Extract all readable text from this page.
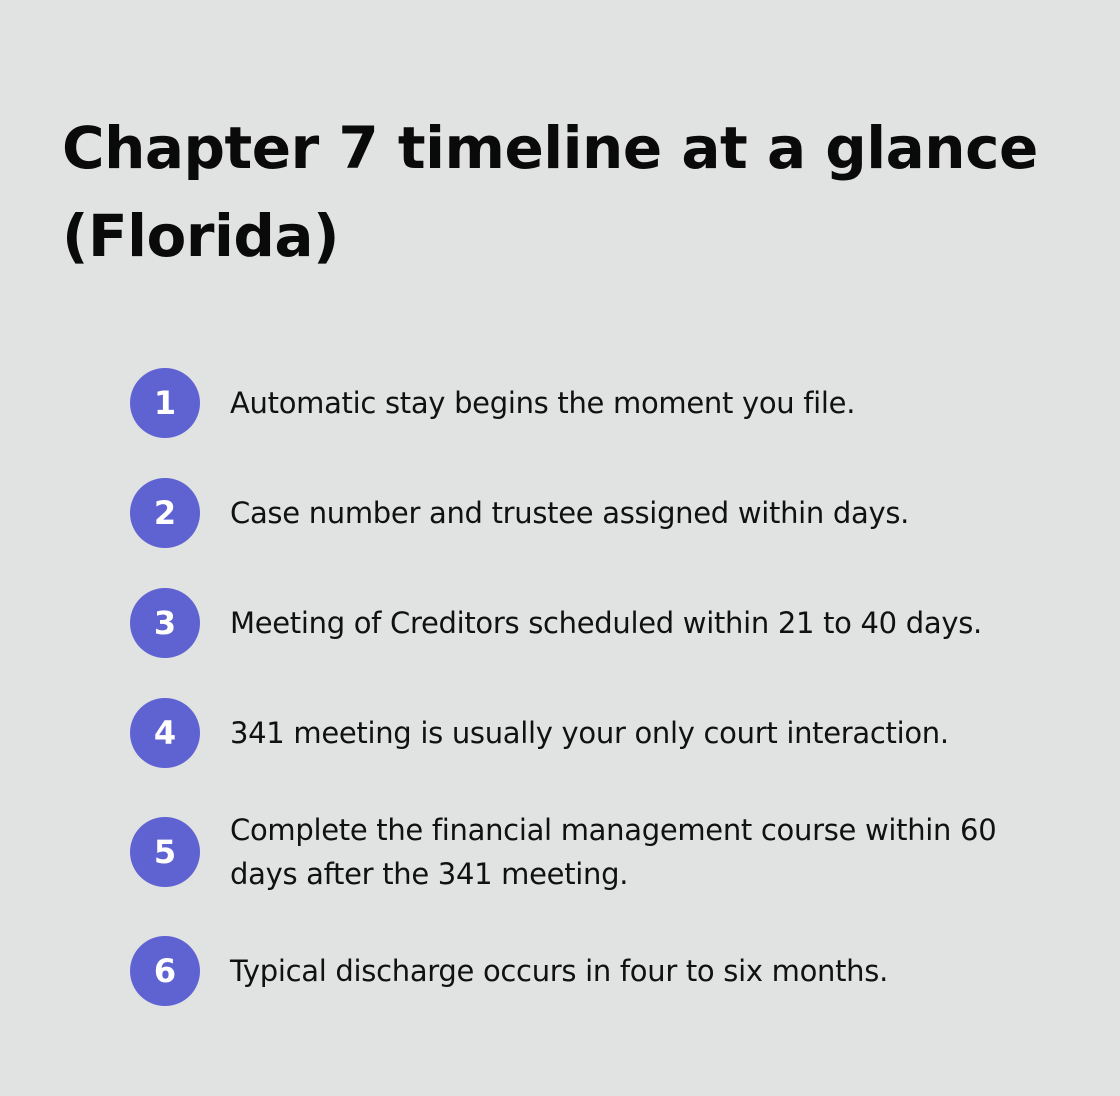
Chapter 7 timeline at a glance (Florida)
1	Automatic stay begins the moment you file.
2	Case number and trustee assigned within days.
3	Meeting of Creditors scheduled within 21 to 40 days.
4	341 meeting is usually your only court interaction.
5
Complete the financial management course within 60 days after the 341 meeting.
6	Typical discharge occurs in four to six months.
